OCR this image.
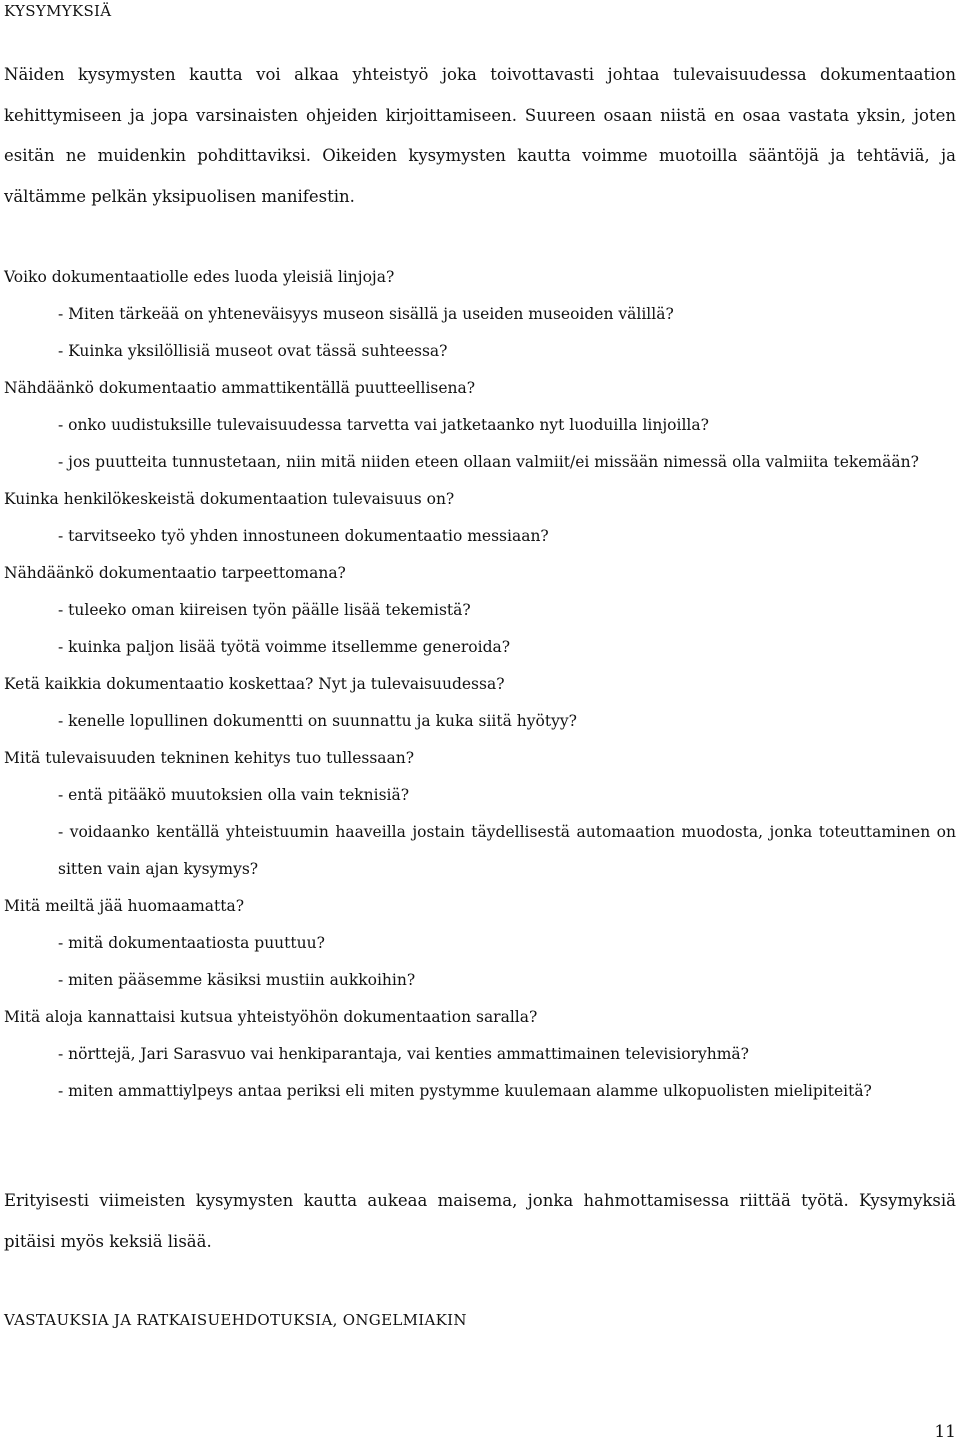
KYSYMYKSIÄ

Näiden kysymysten kautta voi alkaa yhteistyö joka toivottavasti johtaa tulevaisuudessa dokumentaation kehittymiseen ja jopa varsinaisten ohjeiden kirjoittamiseen. Suureen osaan niistä en osaa vastata yksin, joten esitän ne muidenkin pohdittaviksi. Oikeiden kysymysten kautta voimme muotoilla sääntöjä ja tehtäviä, ja vältämme pelkän yksipuolisen manifestin.

Voiko dokumentaatiolle edes luoda yleisiä linjoja?
- Miten tärkeää on yhteneväisyys museon sisällä ja useiden museoiden välillä?
- Kuinka yksilöllisiä museot ovat tässä suhteessa?
Nähdäänkö dokumentaatio ammattikentällä puutteellisena?
- onko uudistuksille tulevaisuudessa tarvetta vai jatketaanko nyt luoduilla linjoilla?
- jos puutteita tunnustetaan, niin mitä niiden eteen ollaan valmiit/ei missään nimessä olla valmiita tekemään?
Kuinka henkilökeskeistä dokumentaation tulevaisuus on?
- tarvitseeko työ yhden innostuneen dokumentaatio messiaan?
Nähdäänkö dokumentaatio tarpeettomana?
- tuleeko oman kiireisen työn päälle lisää tekemistä?
- kuinka paljon lisää työtä voimme itsellemme generoida?
Ketä kaikkia dokumentaatio koskettaa? Nyt ja tulevaisuudessa?
- kenelle lopullinen dokumentti on suunnattu ja kuka siitä hyötyy?
Mitä tulevaisuuden tekninen kehitys tuo tullessaan?
- entä pitääkö muutoksien olla vain teknisiä?
- voidaanko kentällä yhteistuumin haaveilla jostain täydellisestä automaation muodosta, jonka toteuttaminen on sitten vain ajan kysymys?
Mitä meiltä jää huomaamatta?
- mitä dokumentaatiosta puuttuu?
- miten pääsemme käsiksi mustiin aukkoihin?
Mitä aloja kannattaisi kutsua yhteistyöhön dokumentaation saralla?
- nörttejä, Jari Sarasvuo vai henkiparantaja, vai kenties ammattimainen televisioryhmä?
- miten ammattiylpeys antaa periksi eli miten pystymme kuulemaan alamme ulkopuolisten mielipiteitä?

Erityisesti viimeisten kysymysten kautta aukeaa maisema, jonka hahmottamisessa riittää työtä. Kysymyksiä pitäisi myös keksiä lisää.

VASTAUKSIA JA RATKAISUEHDOTUKSIA, ONGELMIAKIN
11
